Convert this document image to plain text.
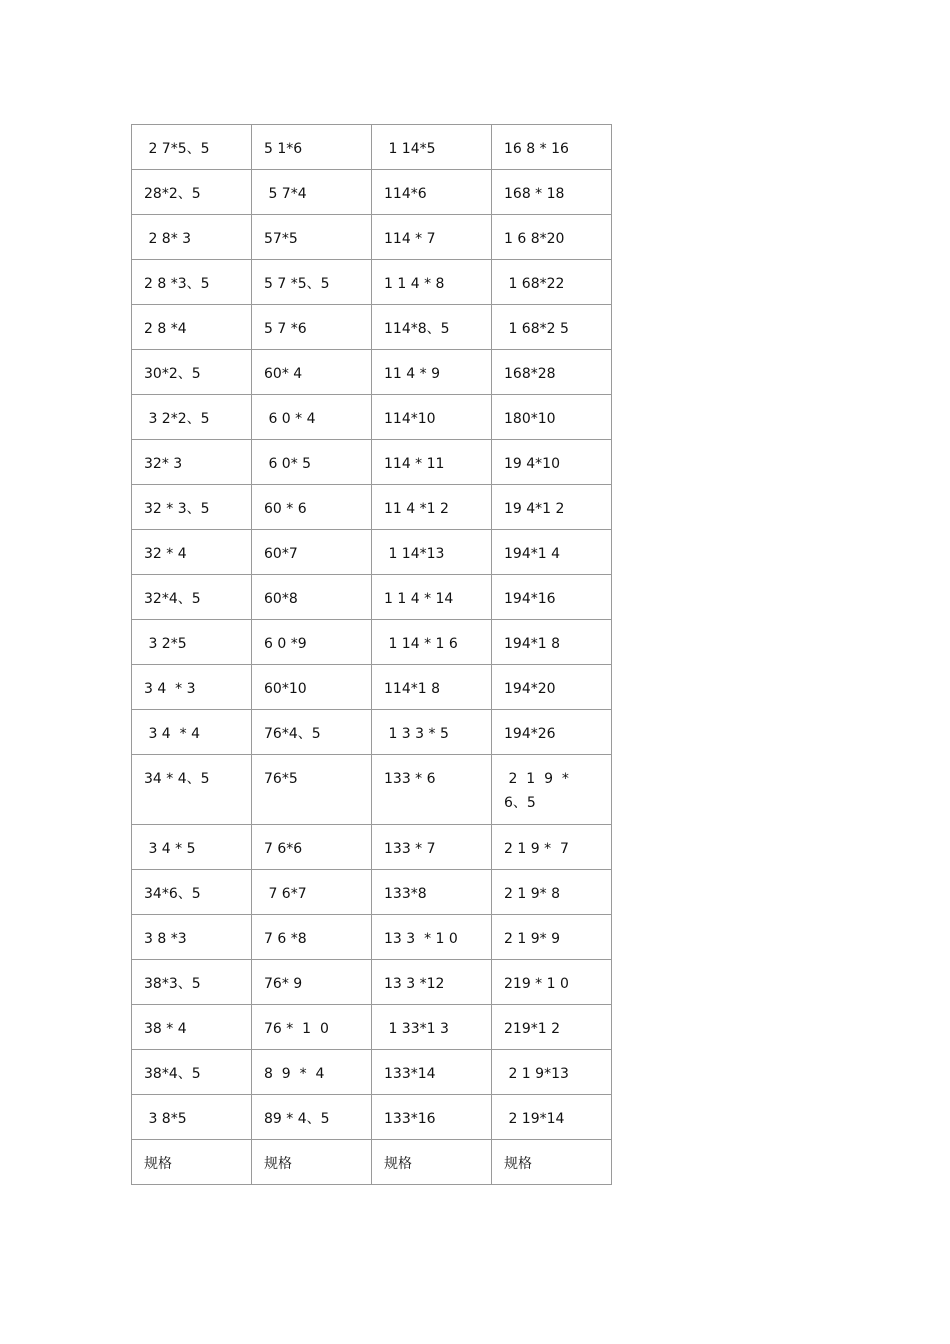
2 7*5、5	5 1*6	1 14*5	16 8 * 16
28*2、5	5 7*4	114*6	168 * 18
2 8* 3	57*5	114 * 7	1 6 8*20
2 8 *3、5	5 7 *5、5	1 1 4 * 8	1 68*22
2 8 *4	5 7 *6	114*8、5	1 68*2 5
30*2、5	60* 4	11 4 * 9	168*28
3 2*2、5	6 0 * 4	114*10	180*10
32* 3	6 0* 5	114 * 11	19 4*10
32 * 3、5	60 * 6	11 4 *1 2	19 4*1 2
32 * 4	60*7	1 14*13	194*1 4
32*4、5	60*8	1 1 4 * 14	194*16
3 2*5	6 0 *9	1 14 * 1 6	194*1 8
3 4  * 3	60*10	114*1 8	194*20
3 4  * 4	76*4、5	1 3 3 * 5	194*26
34 * 4、5	76*5	133 * 6	2  1  9  *  6、5
3 4 * 5	7 6*6	133 * 7	2 1 9 *  7
34*6、5	7 6*7	133*8	2 1 9* 8
3 8 *3	7 6 *8	13 3  * 1 0	2 1 9* 9
38*3、5	76* 9	13 3 *12	219 * 1 0
38 * 4	76 *  1  0	1 33*1 3	219*1 2
38*4、5	8  9  *  4	133*14	2 1 9*13
3 8*5	89 * 4、5	133*16	2 19*14
规格	规格	规格	规格
